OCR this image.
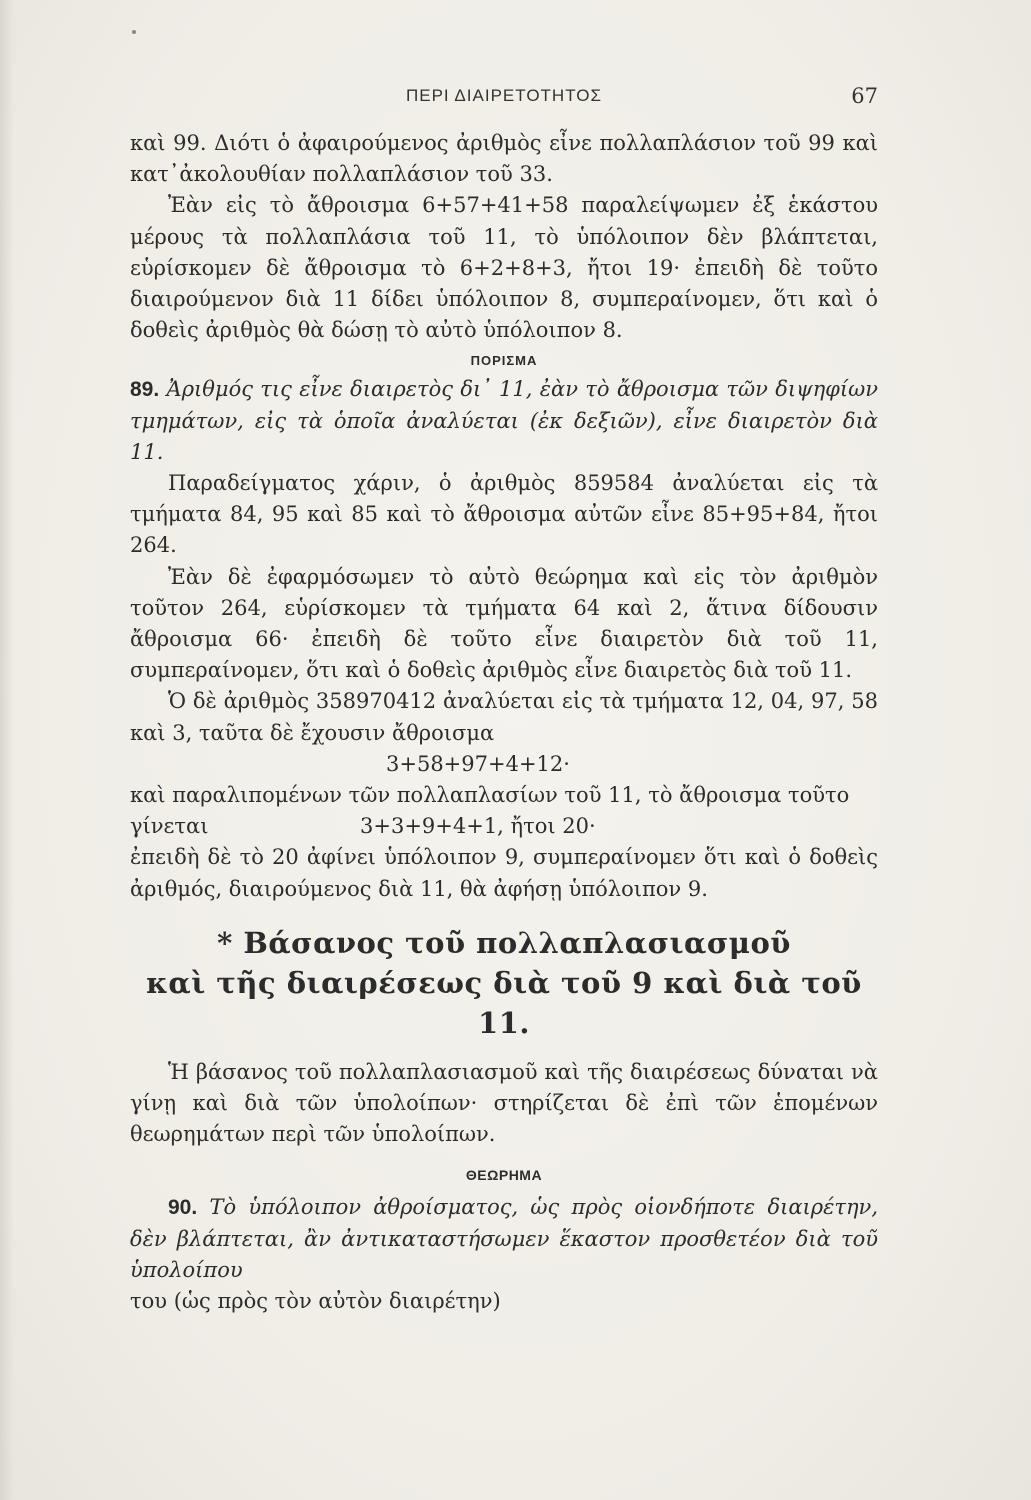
ΠΕΡΙ ΔΙΑΙΡΕΤΟΤΗΤΟΣ	67

καὶ 99. Διότι ὁ ἀφαιρούμενος ἀριθμὸς εἶνε πολλαπλάσιον τοῦ 99 καὶ κατ᾽ἀκολουθίαν πολλαπλάσιον τοῦ 33.

Ἐὰν εἰς τὸ ἄθροισμα 6+57+41+58 παραλείψωμεν ἐξ ἑκάστου μέρους τὰ πολλαπλάσια τοῦ 11, τὸ ὑπόλοιπον δὲν βλάπτεται, εὑρίσκομεν δὲ ἄθροισμα τὸ 6+2+8+3, ἤτοι 19· ἐπειδὴ δὲ τοῦτο διαιρούμενον διὰ 11 δίδει ὑπόλοιπον 8, συμπεραίνομεν, ὅτι καὶ ὁ δοθεὶς ἀριθμὸς θὰ δώσῃ τὸ αὐτὸ ὑπόλοιπον 8.

ΠΟΡΙΣΜΑ

89. Ἀριθμός τις εἶνε διαιρετὸς δι᾽ 11, ἐὰν τὸ ἄθροισμα τῶν διψηφίων τμημάτων, εἰς τὰ ὁποῖα ἀναλύεται (ἐκ δεξιῶν), εἶνε διαιρετὸν διὰ 11.

Παραδείγματος χάριν, ὁ ἀριθμὸς 859584 ἀναλύεται εἰς τὰ τμήματα 84, 95 καὶ 85 καὶ τὸ ἄθροισμα αὐτῶν εἶνε 85+95+84, ἤτοι 264.

Ἐὰν δὲ ἐφαρμόσωμεν τὸ αὐτὸ θεώρημα καὶ εἰς τὸν ἀριθμὸν τοῦτον 264, εὑρίσκομεν τὰ τμήματα 64 καὶ 2, ἅτινα δίδουσιν ἄθροισμα 66· ἐπειδὴ δὲ τοῦτο εἶνε διαιρετὸν διὰ τοῦ 11, συμπεραίνομεν, ὅτι καὶ ὁ δοθεὶς ἀριθμὸς εἶνε διαιρετὸς διὰ τοῦ 11.

Ὁ δὲ ἀριθμὸς 358970412 ἀναλύεται εἰς τὰ τμήματα 12, 04, 97, 58 καὶ 3, ταῦτα δὲ ἔχουσιν ἄθροισμα

3+58+97+4+12·

καὶ παραλιπομένων τῶν πολλαπλασίων τοῦ 11, τὸ ἄθροισμα τοῦτο

γίνεται	3+3+9+4+1, ἤτοι 20·

ἐπειδὴ δὲ τὸ 20 ἀφίνει ὑπόλοιπον 9, συμπεραίνομεν ὅτι καὶ ὁ δοθεὶς ἀριθμός, διαιρούμενος διὰ 11, θὰ ἀφήσῃ ὑπόλοιπον 9.

* Βάσανος τοῦ πολλαπλασιασμοῦ
καὶ τῆς διαιρέσεως διὰ τοῦ 9 καὶ διὰ τοῦ 11.

Ἡ βάσανος τοῦ πολλαπλασιασμοῦ καὶ τῆς διαιρέσεως δύναται νὰ γίνῃ καὶ διὰ τῶν ὑπολοίπων· στηρίζεται δὲ ἐπὶ τῶν ἑπομένων θεωρημάτων περὶ τῶν ὑπολοίπων.

ΘΕΩΡΗΜΑ

90. Τὸ ὑπόλοιπον ἀθροίσματος, ὡς πρὸς οἱονδήποτε διαιρέτην, δὲν βλάπτεται, ἂν ἀντικαταστήσωμεν ἕκαστον προσθετέον διὰ τοῦ ὑπολοίπου

του (ὡς πρὸς τὸν αὐτὸν διαιρέτην)
